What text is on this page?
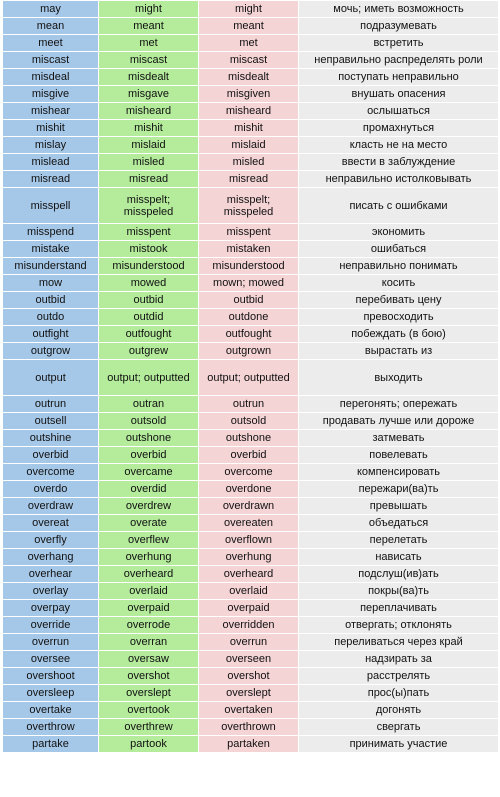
may	might	might	мочь; иметь возможность
mean	meant	meant	подразумевать
meet	met	met	встретить
miscast	miscast	miscast	неправильно распределять роли
misdeal	misdealt	misdealt	поступать неправильно
misgive	misgave	misgiven	внушать опасения
mishear	misheard	misheard	ослышаться
mishit	mishit	mishit	промахнуться
mislay	mislaid	mislaid	класть не на место
mislead	misled	misled	ввести в заблуждение
misread	misread	misread	неправильно истолковывать
misspell	misspelt; misspeled	misspelt; misspeled	писать с ошибками
misspend	misspent	misspent	экономить
mistake	mistook	mistaken	ошибаться
misunderstand	misunderstood	misunderstood	неправильно понимать
mow	mowed	mown; mowed	косить
outbid	outbid	outbid	перебивать цену
outdo	outdid	outdone	превосходить
outfight	outfought	outfought	побеждать (в бою)
outgrow	outgrew	outgrown	вырастать из
output	output; outputted	output; outputted	выходить
outrun	outran	outrun	перегонять; опережать
outsell	outsold	outsold	продавать лучше или дороже
outshine	outshone	outshone	затмевать
overbid	overbid	overbid	повелевать
overcome	overcame	overcome	компенсировать
overdo	overdid	overdone	пережари(ва)ть
overdraw	overdrew	overdrawn	превышать
overeat	overate	overeaten	объедаться
overfly	overflew	overflown	перелетать
overhang	overhung	overhung	нависать
overhear	overheard	overheard	подслуш(ив)ать
overlay	overlaid	overlaid	покры(ва)ть
overpay	overpaid	overpaid	переплачивать
override	overrode	overridden	отвергать; отклонять
overrun	overran	overrun	переливаться через край
oversee	oversaw	overseen	надзирать за
overshoot	overshot	overshot	расстрелять
oversleep	overslept	overslept	прос(ы)пать
overtake	overtook	overtaken	догонять
overthrow	overthrew	overthrown	свергать
partake	partook	partaken	принимать участие
